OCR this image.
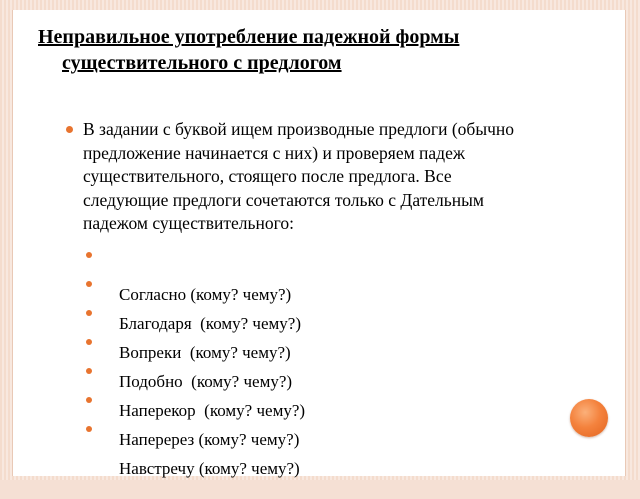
Неправильное употребление падежной формы
существительного с предлогом
В задании с буквой ищем производные предлоги (обычно предложение начинается с них) и проверяем падеж существительного, стоящего после предлога. Все следующие предлоги сочетаются только с Дательным падежом существительного:

Согласно (кому? чему?)

Благодаря  (кому? чему?)

Вопреки  (кому? чему?)

Подобно  (кому? чему?)

Наперекор  (кому? чему?)

Наперерез (кому? чему?)

Навстречу (кому? чему?)
